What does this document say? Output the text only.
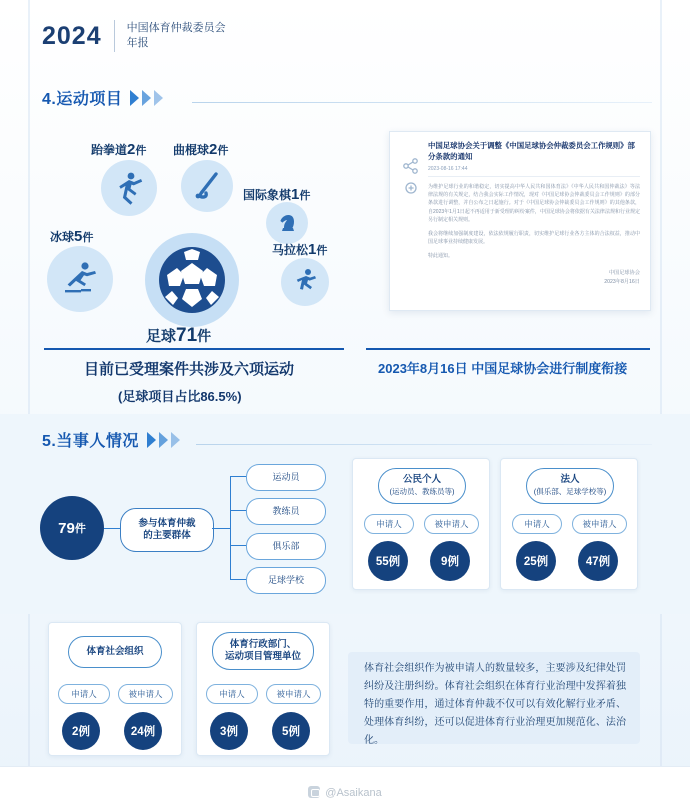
2024 中国体育仲裁委员会
年报
4.运动项目
跆拳道2件 曲棍球2件
国际象棋1件
马拉松1件
冰球5件
足球71件
中国足球协会关于调整《中国足球协会仲裁委员会工作规则》部分条款的通知
2023-08-16 17:44
为维护足球行业的和谐稳定，切实提高中华人民共和国体育法》《中华人民共和国仲裁法》等法律法规的有关规定，结合我会实际工作情况，现对《中国足球协会仲裁委员会工作规则》的部分条款进行调整，并自公布之日起施行。对于《中国足球协会仲裁委员会工作规则》的其他条款，自2023年1月1日起不再适用于新受理的纠纷案件，中国足球协会将依据有关法律法规和行业规定另行制定相关规则。
我会将继续加强制度建设，依法依规履行职责，切实维护足球行业各方主体的合法权益，推动中国足球事业持续健康发展。
特此通知。
中国足球协会
2023年8月16日
目前已受理案件共涉及六项运动
(足球项目占比86.5%)
2023年8月16日 中国足球协会进行制度衔接
5.当事人情况
79 件	参与体育仲裁
的主要群体
运动员
教练员
俱乐部
足球学校
公民个人
(运动员、教练员等)
申请人	被申请人
55例	9例
法人
(俱乐部、足球学校等)
申请人	被申请人
25例	47例
体育社会组织
申请人	被申请人
2例	24例
体育行政部门、
运动项目管理单位
申请人	被申请人
3例	5例
体育社会组织作为被申请人的数量较多，主要涉及纪律处罚纠纷及注册纠纷。体育社会组织在体育行业治理中发挥着独特的重要作用，通过体育仲裁不仅可以有效化解行业矛盾、处理体育纠纷，还可以促进体育行业治理更加规范化、法治化。
@Asaikana
